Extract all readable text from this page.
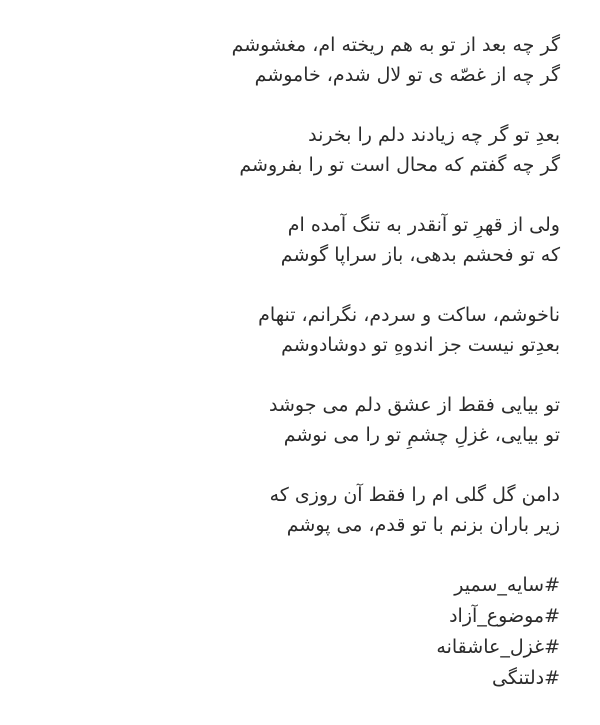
گر چه بعد از تو به هم ریخته ام، مغشوشم
گر چه از غصّه ی تو لال شدم، خاموشم
بعدِ تو گر چه زیادند دلم را بخرند
گر چه گفتم که محال است تو را بفروشم
ولی از قهرِ تو آنقدر به تنگ آمده ام
که تو فحشم بدهی، باز سراپا گوشم
ناخوشم، ساکت و سردم، نگرانم، تنهام
بعدِتو نیست جز اندوهِ تو دوشادوشم
تو بیایی فقط از عشق دلم می جوشد
تو بیایی، غزلِ چشمِ تو را می نوشم
دامن گل گلی ام را فقط آن روزی که
زیر باران بزنم با تو قدم، می پوشم
#سایه_سمیر
#موضوع_آزاد
#غزل_عاشقانه
#دلتنگی
